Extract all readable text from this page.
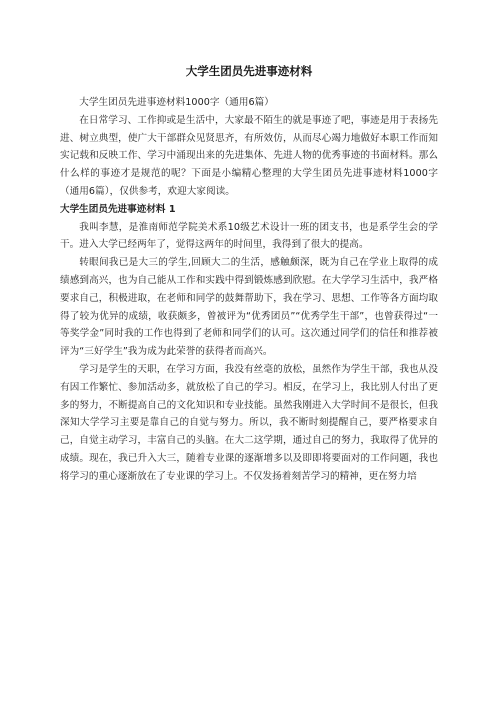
大学生团员先进事迹材料

大学生团员先进事迹材料1000字（通用6篇）

在日常学习、工作抑或是生活中，大家最不陌生的就是事迹了吧，事迹是用于表扬先进、树立典型，使广大干部群众见贤思齐，有所效仿，从而尽心竭力地做好本职工作而知实记载和反映工作、学习中涌现出来的先进集体、先进人物的优秀事迹的书面材料。那么什么样的事迹才是规范的呢？下面是小编精心整理的大学生团员先进事迹材料1000字（通用6篇），仅供参考，欢迎大家阅读。

大学生团员先进事迹材料 1

我叫李慧，是淮南师范学院美术系10级艺术设计一班的团支书，也是系学生会的学干。进入大学已经两年了，觉得这两年的时间里，我得到了很大的提高。

转眼间我已是大三的学生,回顾大二的生活，感触颇深，既为自己在学业上取得的成绩感到高兴，也为自己能从工作和实践中得到锻炼感到欣慰。在大学学习生活中，我严格要求自己，积极进取，在老师和同学的鼓舞帮助下，我在学习、思想、工作等各方面均取得了较为优异的成绩，收获颇多，曾被评为“优秀团员”“优秀学生干部”，也曾获得过“一等奖学金”同时我的工作也得到了老师和同学们的认可。这次通过同学们的信任和推荐被评为“三好学生”我为成为此荣誉的获得者而高兴。

学习是学生的天职，在学习方面，我没有丝毫的放松，虽然作为学生干部，我也从没有因工作繁忙、参加活动多，就放松了自己的学习。相反，在学习上，我比别人付出了更多的努力，不断提高自己的文化知识和专业技能。虽然我刚进入大学时间不是很长，但我深知大学学习主要是靠自己的自觉与努力。所以，我不断时刻提醒自己，要严格要求自己，自觉主动学习，丰富自己的头脑。在大二这学期，通过自己的努力，我取得了优异的成绩。现在，我已升入大三，随着专业课的逐渐增多以及即即将要面对的工作问题，我也将学习的重心逐渐放在了专业课的学习上。不仅发扬着刻苦学习的精神，更在努力培
